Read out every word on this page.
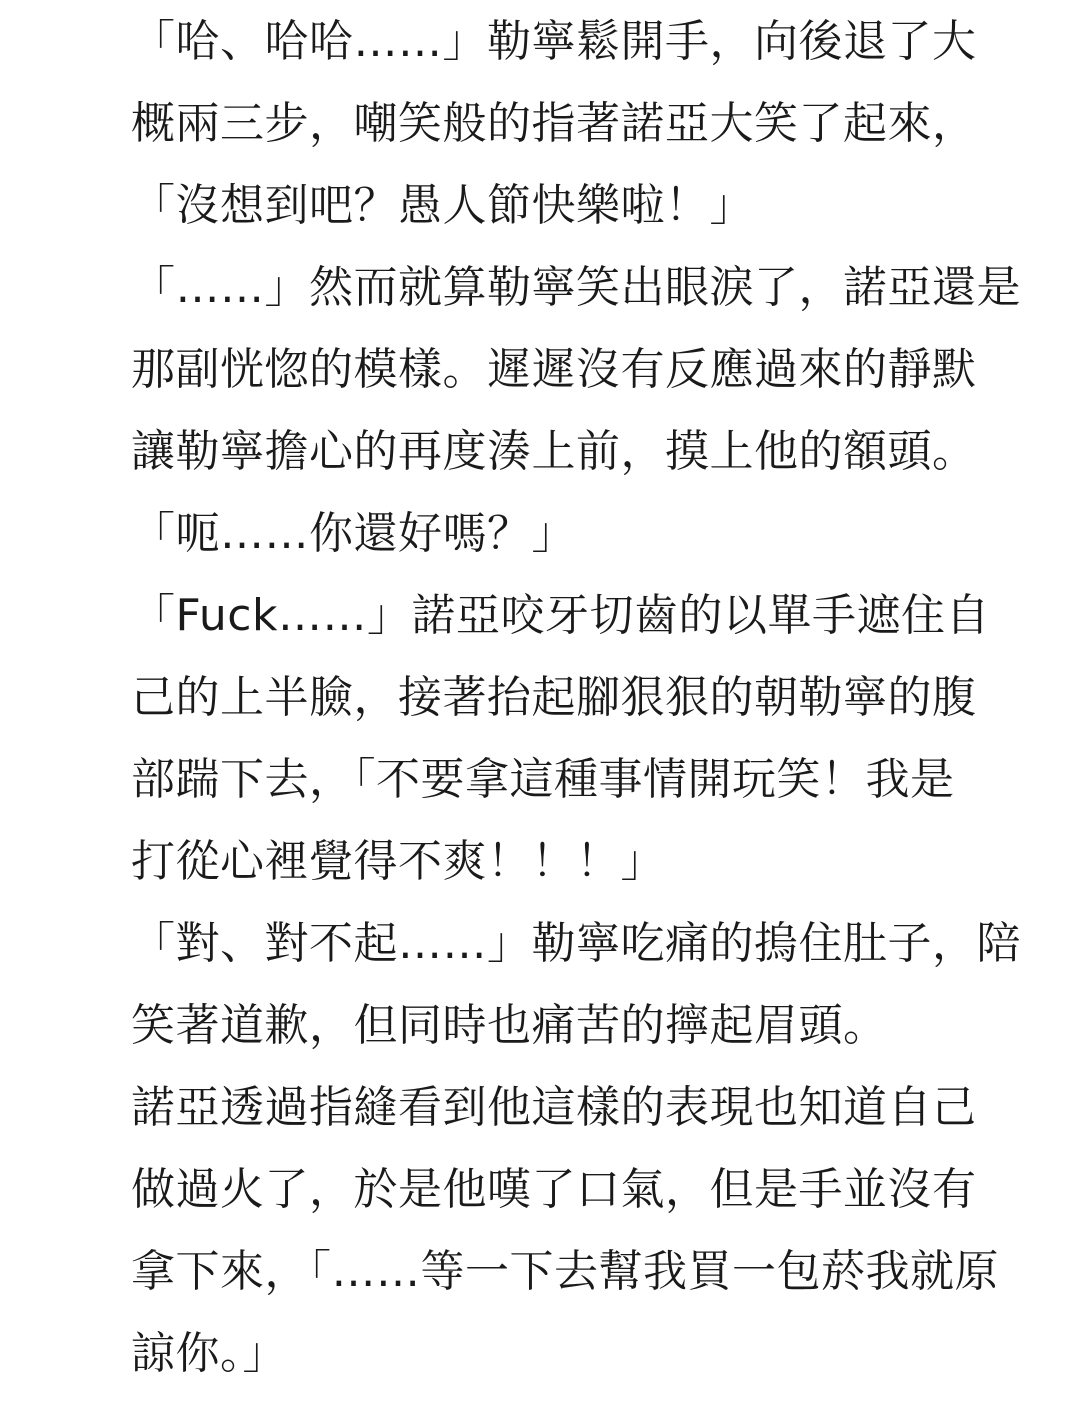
「哈、哈哈……」勒寧鬆開手，向後退了大
概兩三步，嘲笑般的指著諾亞大笑了起來，
「沒想到吧？愚人節快樂啦！」
「……」然而就算勒寧笑出眼淚了，諾亞還是
那副恍惚的模樣。遲遲沒有反應過來的靜默
讓勒寧擔心的再度湊上前，摸上他的額頭。
「呃……你還好嗎？」
「Fuck……」諾亞咬牙切齒的以單手遮住自
己的上半臉，接著抬起腳狠狠的朝勒寧的腹
部踹下去，「不要拿這種事情開玩笑！我是
打從心裡覺得不爽！！！」
「對、對不起……」勒寧吃痛的摀住肚子，陪
笑著道歉，但同時也痛苦的擰起眉頭。
諾亞透過指縫看到他這樣的表現也知道自己
做過火了，於是他嘆了口氣，但是手並沒有
拿下來，「……等一下去幫我買一包菸我就原
諒你。」
